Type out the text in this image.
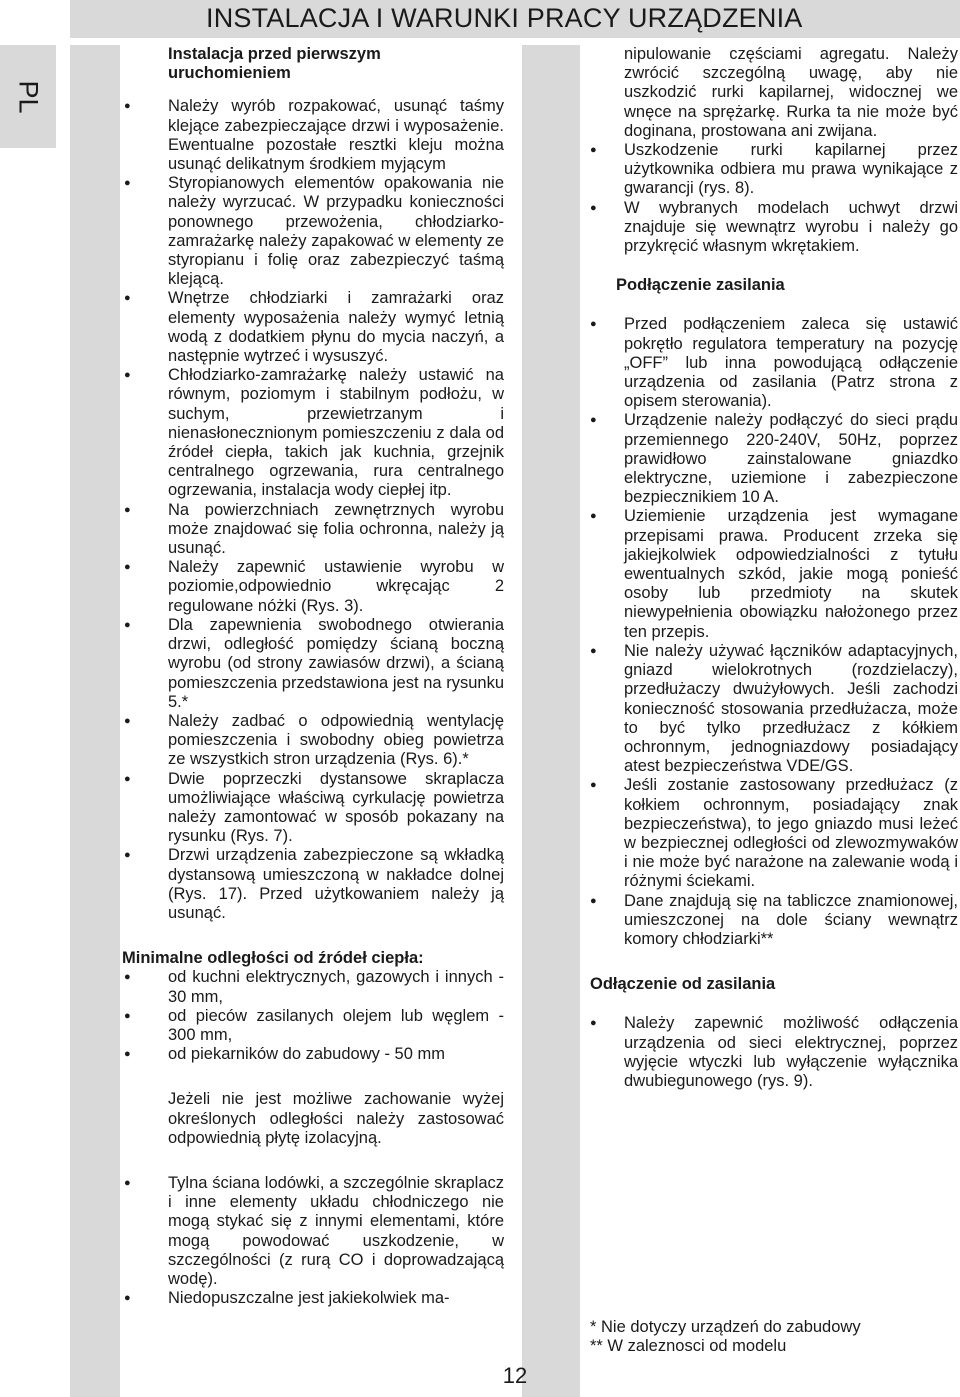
INSTALACJA I WARUNKI PRACY URZĄDZENIA
PL
Instalacja przed pierwszym uruchomieniem
● Należy wyrób rozpakować, usunąć taśmy klejące zabezpieczające drzwi i wyposażenie. Ewentualne pozostałe resztki kleju można usunąć delikatnym środkiem myjącym
● Styropianowych elementów opakowania nie należy wyrzucać. W przypadku konieczności ponownego przewożenia, chłodziarko-zamrażarkę należy zapakować w elementy ze styropianu i folię oraz zabezpieczyć taśmą klejącą.
● Wnętrze chłodziarki i zamrażarki oraz elementy wyposażenia należy wymyć letnią wodą z dodatkiem płynu do mycia naczyń, a następnie wytrzeć i wysuszyć.
● Chłodziarko-zamrażarkę należy ustawić na równym, poziomym i stabilnym podłożu, w suchym, przewietrzanym i nienasłonecznionym pomieszczeniu z dala od źródeł ciepła, takich jak kuchnia, grzejnik centralnego ogrzewania, rura centralnego ogrzewania, instalacja wody ciepłej itp.
● Na powierzchniach zewnętrznych wyrobu może znajdować się folia ochronna, należy ją usunąć.
● Należy zapewnić ustawienie wyrobu w poziomie,odpowiednio wkręcając 2 regulowane nóżki (Rys. 3).
● Dla zapewnienia swobodnego otwierania drzwi, odległość pomiędzy ścianą boczną wyrobu (od strony zawiasów drzwi), a ścianą pomieszczenia przedstawiona jest na rysunku 5.*
● Należy zadbać o odpowiednią wentylację pomieszczenia i swobodny obieg powietrza ze wszystkich stron urządzenia (Rys. 6).*
● Dwie poprzeczki dystansowe skraplacza umożliwiające właściwą cyrkulację powietrza należy zamontować w sposób pokazany na rysunku (Rys. 7).
● Drzwi urządzenia zabezpieczone są wkładką dystansową umieszczoną w nakładce dolnej (Rys. 17). Przed użytkowaniem należy ją usunąć.
Minimalne odległości od źródeł ciepła:
● od kuchni elektrycznych, gazowych i innych - 30 mm,
● od pieców zasilanych olejem lub węglem - 300 mm,
● od piekarników do zabudowy - 50 mm
Jeżeli nie jest możliwe zachowanie wyżej określonych odległości należy zastosować odpowiednią płytę izolacyjną.
● Tylna ściana lodówki, a szczególnie skraplacz i inne elementy układu chłodniczego nie mogą stykać się z innymi elementami, które mogą powodować uszkodzenie, w szczególności (z rurą CO i doprowadzającą wodę).
● Niedopuszczalne jest jakiekolwiek ma-
nipulowanie częściami agregatu. Należy zwrócić szczególną uwagę, aby nie uszkodzić rurki kapilarnej, widocznej we wnęce na sprężarkę. Rurka ta nie może być doginana, prostowana ani zwijana.
● Uszkodzenie rurki kapilarnej przez użytkownika odbiera mu prawa wynikające z gwarancji (rys. 8).
● W wybranych modelach uchwyt drzwi znajduje się wewnątrz wyrobu i należy go przykręcić własnym wkrętakiem.
Podłączenie zasilania
● Przed podłączeniem zaleca się ustawić pokrętło regulatora temperatury na pozycję „OFF” lub inna powodującą odłączenie urządzenia od zasilania (Patrz strona z opisem sterowania).
● Urządzenie należy podłączyć do sieci prądu przemiennego 220-240V, 50Hz, poprzez prawidłowo zainstalowane gniazdko elektryczne, uziemione i zabezpieczone bezpiecznikiem 10 A.
● Uziemienie urządzenia jest wymagane przepisami prawa. Producent zrzeka się jakiejkolwiek odpowiedzialności z tytułu ewentualnych szkód, jakie mogą ponieść osoby lub przedmioty na skutek niewypełnienia obowiązku nałożonego przez ten przepis.
● Nie należy używać łączników adaptacyjnych, gniazd wielokrotnych (rozdzielaczy), przedłużaczy dwużyłowych. Jeśli zachodzi konieczność stosowania przedłużacza, może to być tylko przedłużacz z kółkiem ochronnym, jednogniazdowy posiadający atest bezpieczeństwa VDE/GS.
● Jeśli zostanie zastosowany przedłużacz (z kołkiem ochronnym, posiadający znak bezpieczeństwa), to jego gniazdo musi leżeć w bezpiecznej odległości od zlewozmywaków i nie może być narażone na zalewanie wodą i różnymi ściekami.
● Dane znajdują się na tabliczce znamionowej, umieszczonej na dole ściany wewnątrz komory chłodziarki**
Odłączenie od zasilania
● Należy zapewnić możliwość odłączenia urządzenia od sieci elektrycznej, poprzez wyjęcie wtyczki lub wyłączenie wyłącznika dwubiegunowego (rys. 9).
* Nie dotyczy urządzeń do zabudowy
** W zaleznosci od modelu
12
